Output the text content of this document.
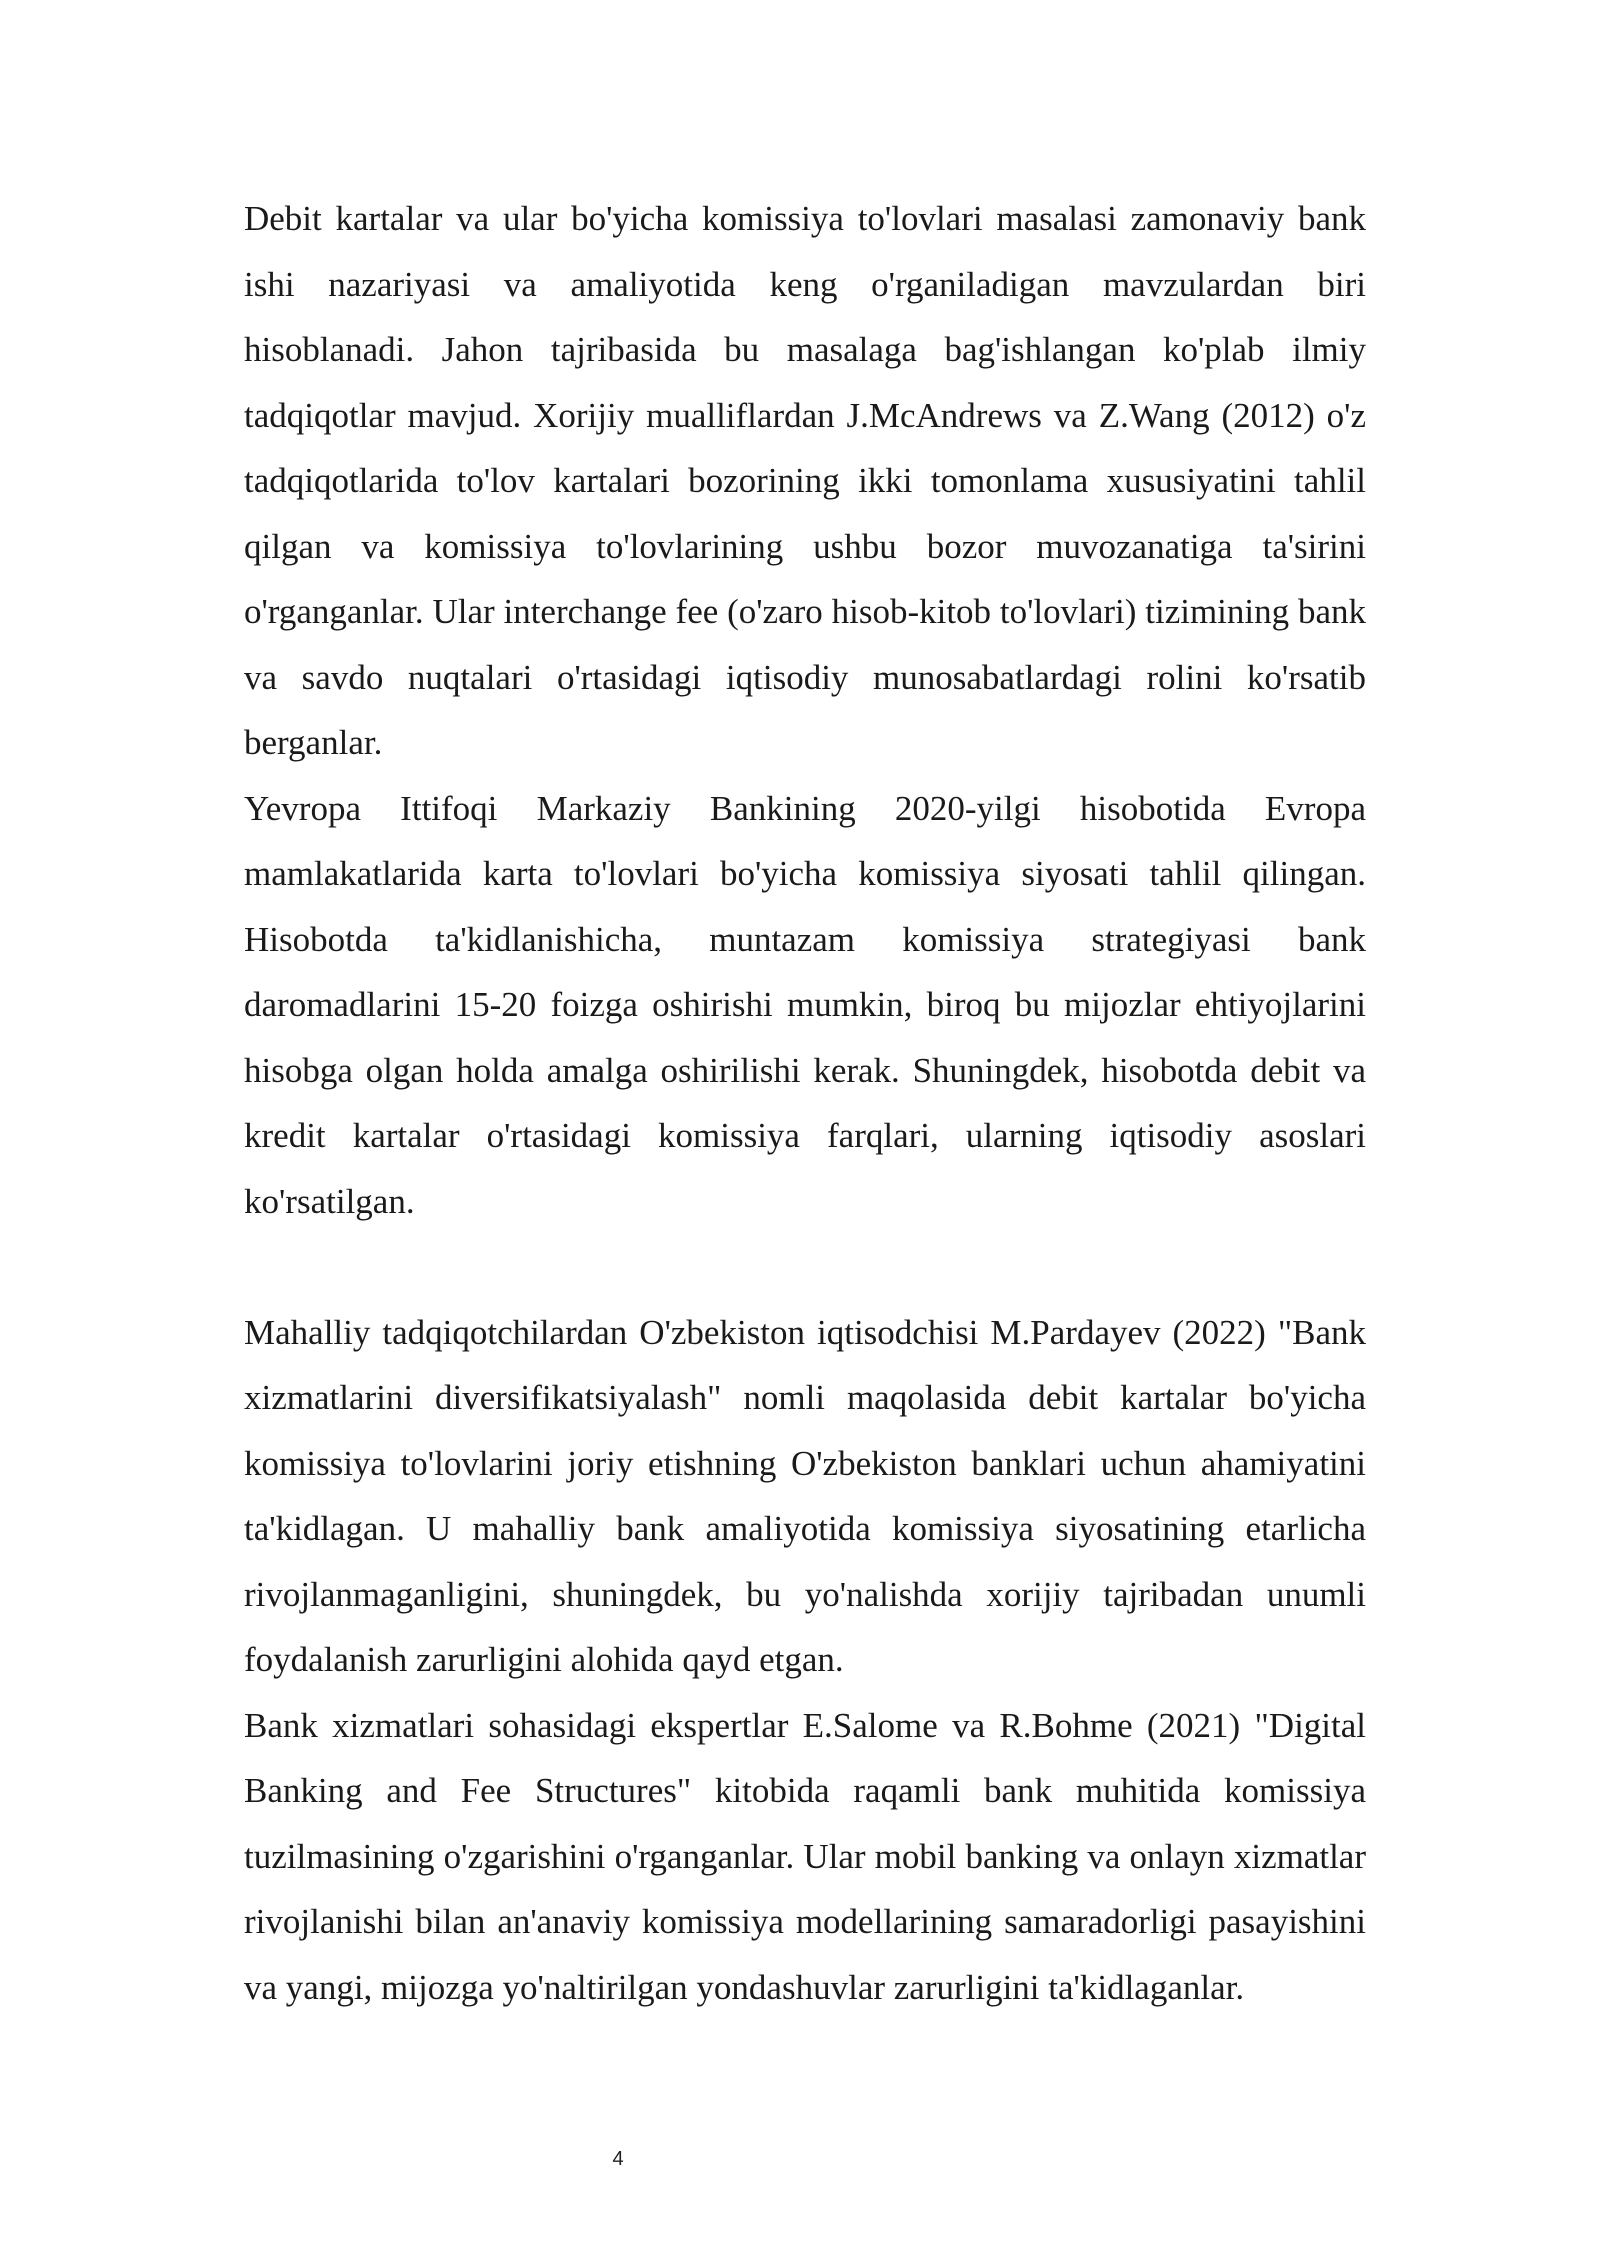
Debit kartalar va ular bo'yicha komissiya to'lovlari masalasi zamonaviy bank ishi nazariyasi va amaliyotida keng o'rganiladigan mavzulardan biri hisoblanadi. Jahon tajribasida bu masalaga bag'ishlangan ko'plab ilmiy tadqiqotlar mavjud. Xorijiy mualliflardan J.McAndrews va Z.Wang (2012) o'z tadqiqotlarida to'lov kartalari bozorining ikki tomonlama xususiyatini tahlil qilgan va komissiya to'lovlarining ushbu bozor muvozanatiga ta'sirini o'rganganlar. Ular interchange fee (o'zaro hisob-kitob to'lovlari) tizimining bank va savdo nuqtalari o'rtasidagi iqtisodiy munosabatlardagi rolini ko'rsatib berganlar.

Yevropa Ittifoqi Markaziy Bankining 2020-yilgi hisobotida Evropa mamlakatlarida karta to'lovlari bo'yicha komissiya siyosati tahlil qilingan. Hisobotda ta'kidlanishicha, muntazam komissiya strategiyasi bank daromadlarini 15-20 foizga oshirishi mumkin, biroq bu mijozlar ehtiyojlarini hisobga olgan holda amalga oshirilishi kerak. Shuningdek, hisobotda debit va kredit kartalar o'rtasidagi komissiya farqlari, ularning iqtisodiy asoslari ko'rsatilgan.

Mahalliy tadqiqotchilardan O'zbekiston iqtisodchisi M.Pardayev (2022) "Bank xizmatlarini diversifikatsiyalash" nomli maqolasida debit kartalar bo'yicha komissiya to'lovlarini joriy etishning O'zbekiston banklari uchun ahamiyatini ta'kidlagan. U mahalliy bank amaliyotida komissiya siyosatining etarlicha rivojlanmaganligini, shuningdek, bu yo'nalishda xorijiy tajribadan unumli foydalanish zarurligini alohida qayd etgan.

Bank xizmatlari sohasidagi ekspertlar E.Salome va R.Bohme (2021) "Digital Banking and Fee Structures" kitobida raqamli bank muhitida komissiya tuzilmasining o'zgarishini o'rganganlar. Ular mobil banking va onlayn xizmatlar rivojlanishi bilan an'anaviy komissiya modellarining samaradorligi pasayishini va yangi, mijozga yo'naltirilgan yondashuvlar zarurligini ta'kidlaganlar.

4
